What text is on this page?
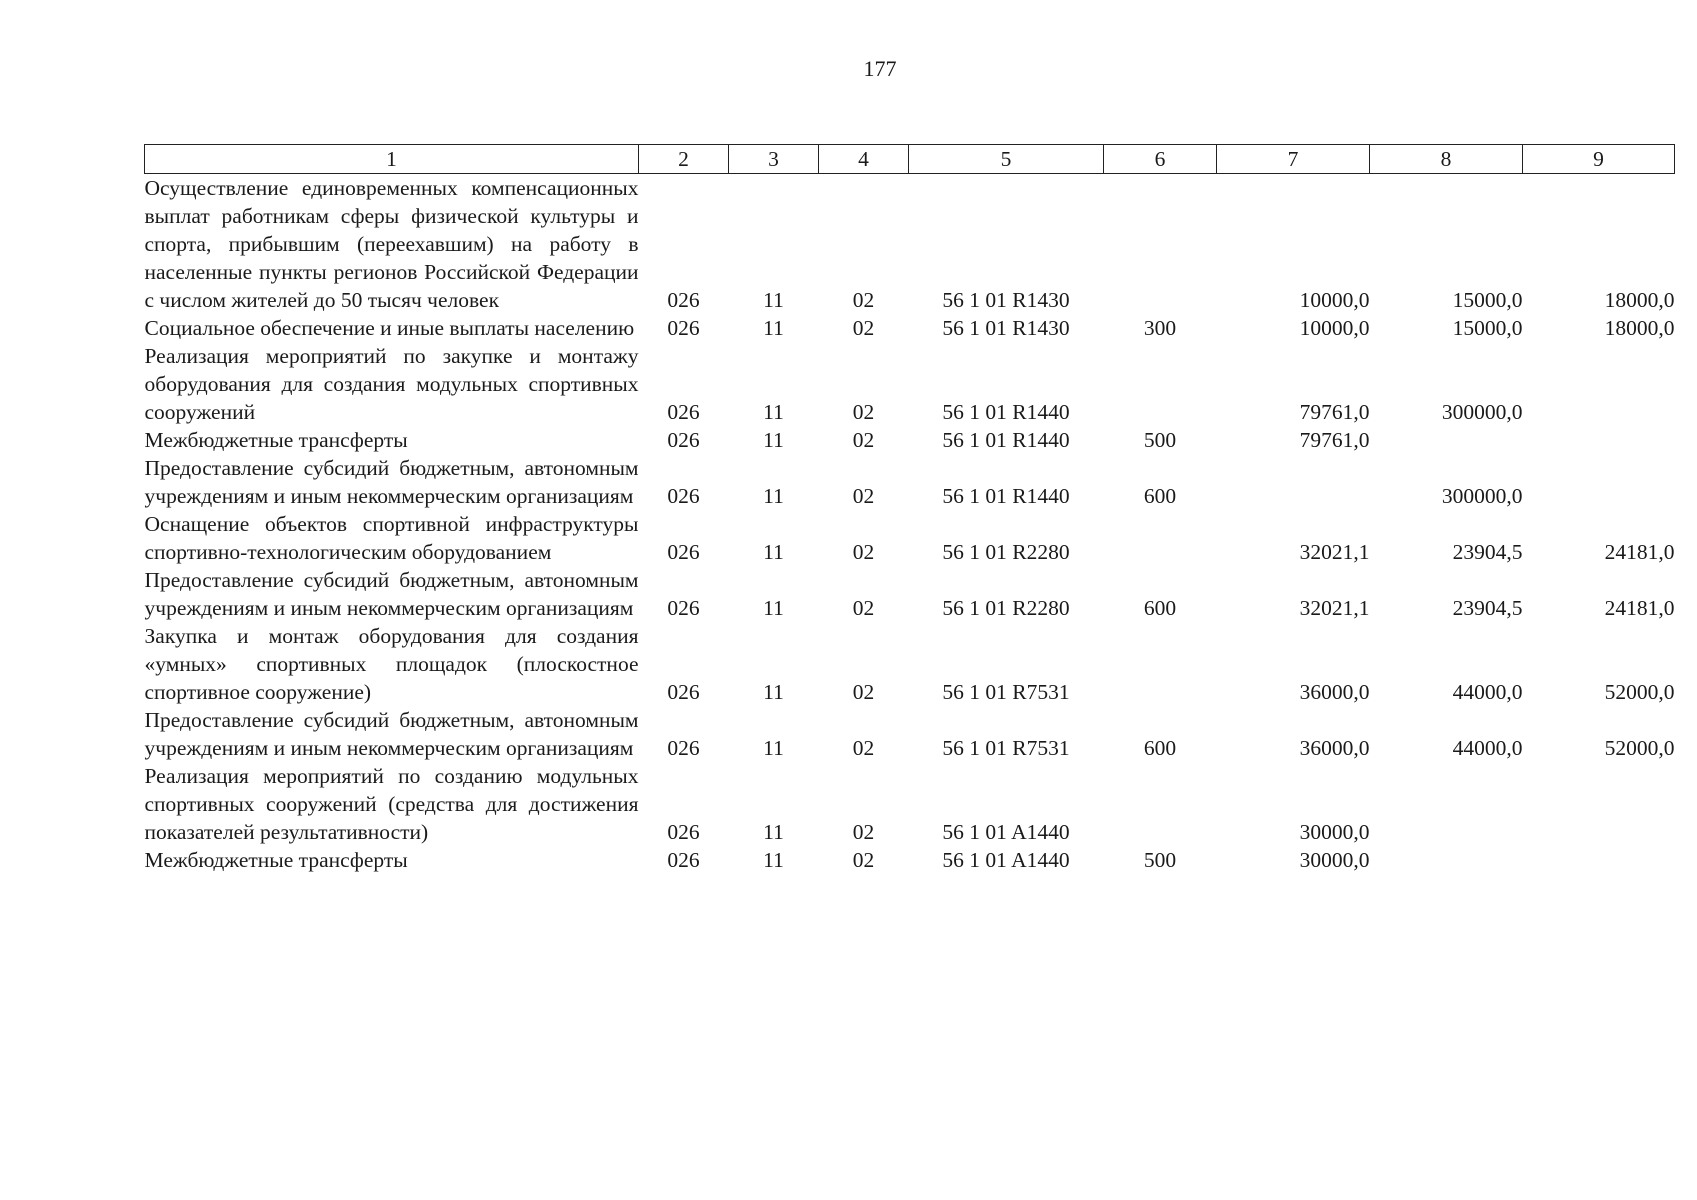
177
1	2	3	4	5	6	7	8	9
Осуществление единовременных компенсационных выплат работникам сферы физической культуры и спорта, прибывшим (переехавшим) на работу в населенные пункты регионов Российской Федерации с числом жителей до 50 тысяч человек	026	11	02	56 1 01 R1430		10000,0	15000,0	18000,0
Социальное обеспечение и иные выплаты населению	026	11	02	56 1 01 R1430	300	10000,0	15000,0	18000,0
Реализация мероприятий по закупке и монтажу оборудования для создания модульных спортивных сооружений	026	11	02	56 1 01 R1440		79761,0	300000,0	
Межбюджетные трансферты	026	11	02	56 1 01 R1440	500	79761,0		
Предоставление субсидий бюджетным, автономным учреждениям и иным некоммерческим организациям	026	11	02	56 1 01 R1440	600		300000,0	
Оснащение объектов спортивной инфраструктуры спортивно-технологическим оборудованием	026	11	02	56 1 01 R2280		32021,1	23904,5	24181,0
Предоставление субсидий бюджетным, автономным учреждениям и иным некоммерческим организациям	026	11	02	56 1 01 R2280	600	32021,1	23904,5	24181,0
Закупка и монтаж оборудования для создания «умных» спортивных площадок (плоскостное спортивное сооружение)	026	11	02	56 1 01 R7531		36000,0	44000,0	52000,0
Предоставление субсидий бюджетным, автономным учреждениям и иным некоммерческим организациям	026	11	02	56 1 01 R7531	600	36000,0	44000,0	52000,0
Реализация мероприятий по созданию модульных спортивных сооружений (средства для достижения показателей результативности)	026	11	02	56 1 01 A1440		30000,0		
Межбюджетные трансферты	026	11	02	56 1 01 A1440	500	30000,0		
